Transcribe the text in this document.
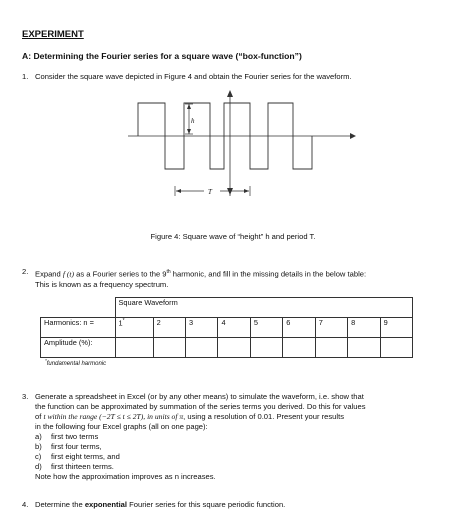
EXPERIMENT
A: Determining the Fourier series for a square wave (“box-function”)
1. Consider the square wave depicted in Figure 4 and obtain the Fourier series for the waveform.
h
T
Figure 4: Square wave of “height” h and period T.
2. Expand f (t) as a Fourier series to the 9th harmonic, and fill in the missing details in the below table:
This is known as a frequency spectrum.
	Square Waveform								
Harmonics: n =	1*	2	3	4	5	6	7	8	9
Amplitude (%):									
*fundamental harmonic
3. Generate a spreadsheet in Excel (or by any other means) to simulate the waveform, i.e. show that
the function can be approximated by summation of the series terms you derived. Do this for values
of t within the range (−2T ≤ t ≤ 2T), in units of π, using a resolution of 0.01. Present your results
in the following four Excel graphs (all on one page):
a) first two terms
b) first four terms,
c) first eight terms, and
d) first thirteen terms.
Note how the approximation improves as n increases.
4. Determine the exponential Fourier series for this square periodic function.
